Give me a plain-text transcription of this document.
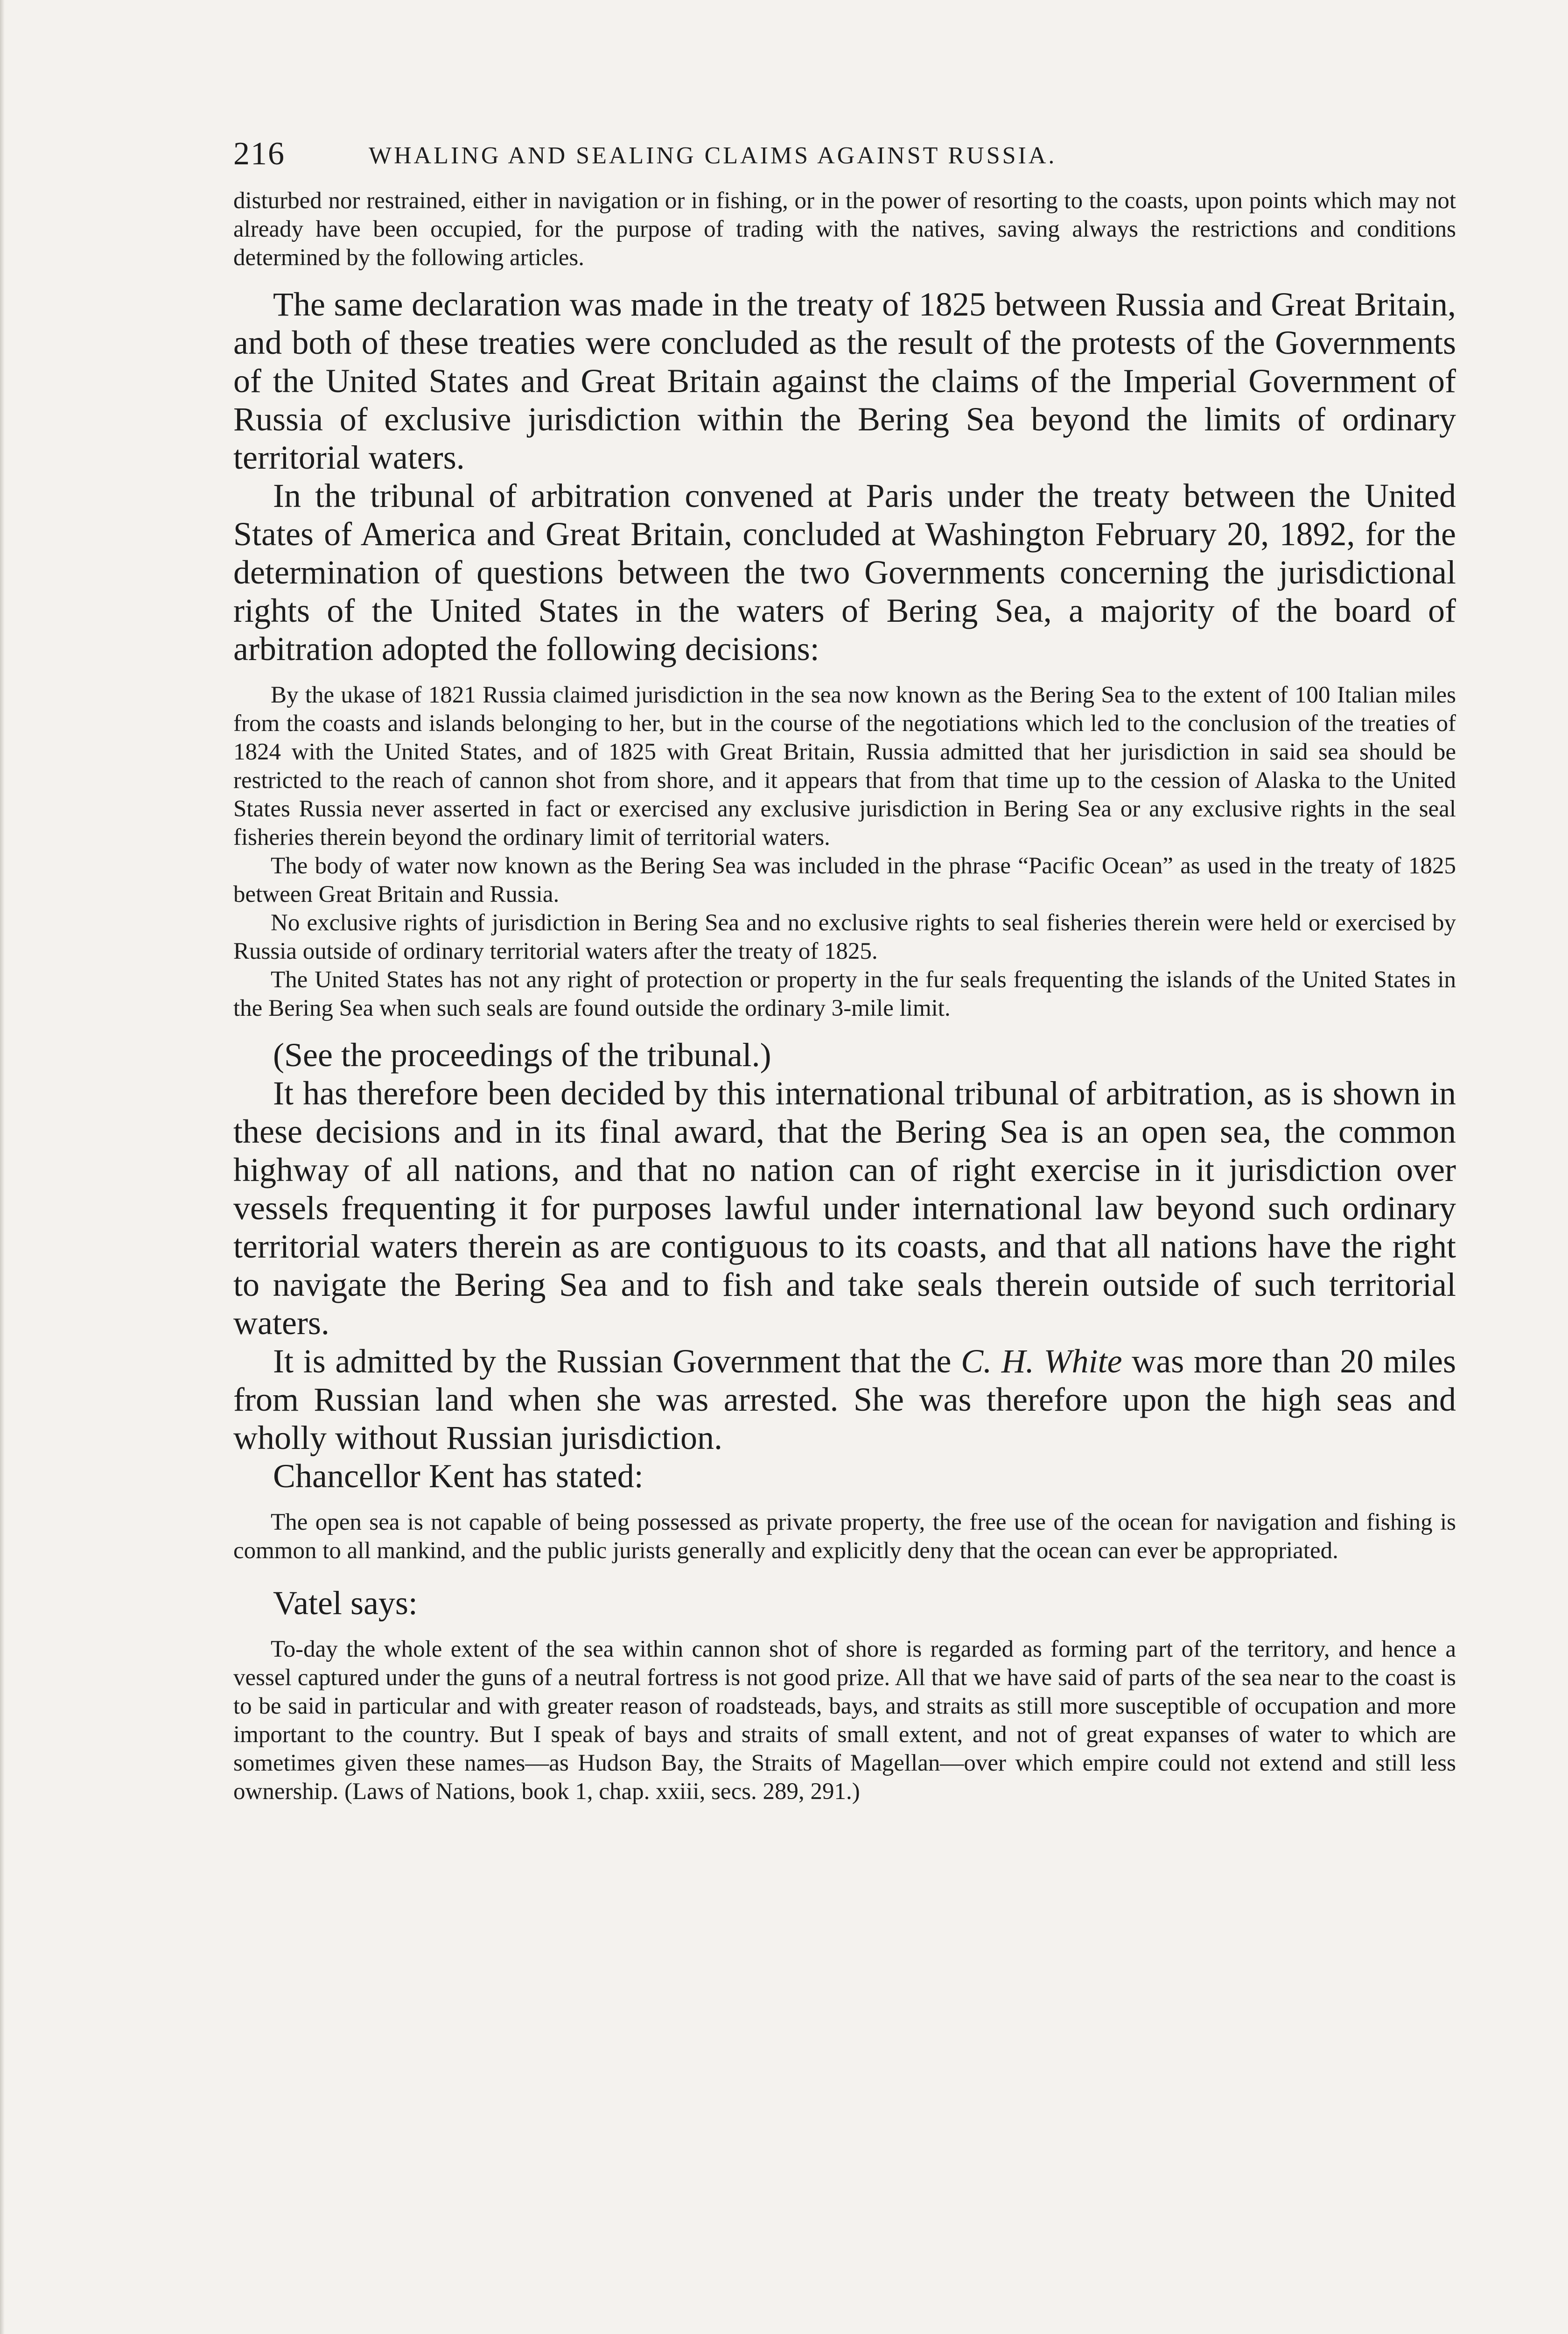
216	WHALING AND SEALING CLAIMS AGAINST RUSSIA.

disturbed nor restrained, either in navigation or in fishing, or in the power of resorting to the coasts, upon points which may not already have been occupied, for the purpose of trading with the natives, saving always the restrictions and conditions determined by the following articles.

The same declaration was made in the treaty of 1825 between Russia and Great Britain, and both of these treaties were concluded as the result of the protests of the Governments of the United States and Great Britain against the claims of the Imperial Government of Russia of exclusive jurisdiction within the Bering Sea beyond the limits of ordinary territorial waters.

In the tribunal of arbitration convened at Paris under the treaty between the United States of America and Great Britain, concluded at Washington February 20, 1892, for the determination of questions between the two Governments concerning the jurisdictional rights of the United States in the waters of Bering Sea, a majority of the board of arbitration adopted the following decisions:

By the ukase of 1821 Russia claimed jurisdiction in the sea now known as the Bering Sea to the extent of 100 Italian miles from the coasts and islands belonging to her, but in the course of the negotiations which led to the conclusion of the treaties of 1824 with the United States, and of 1825 with Great Britain, Russia admitted that her jurisdiction in said sea should be restricted to the reach of cannon shot from shore, and it appears that from that time up to the cession of Alaska to the United States Russia never asserted in fact or exercised any exclusive jurisdiction in Bering Sea or any exclusive rights in the seal fisheries therein beyond the ordinary limit of territorial waters.

The body of water now known as the Bering Sea was included in the phrase “Pacific Ocean” as used in the treaty of 1825 between Great Britain and Russia.

No exclusive rights of jurisdiction in Bering Sea and no exclusive rights to seal fisheries therein were held or exercised by Russia outside of ordinary territorial waters after the treaty of 1825.

The United States has not any right of protection or property in the fur seals frequenting the islands of the United States in the Bering Sea when such seals are found outside the ordinary 3-mile limit.

(See the proceedings of the tribunal.)

It has therefore been decided by this international tribunal of arbitration, as is shown in these decisions and in its final award, that the Bering Sea is an open sea, the common highway of all nations, and that no nation can of right exercise in it jurisdiction over vessels frequenting it for purposes lawful under international law beyond such ordinary territorial waters therein as are contiguous to its coasts, and that all nations have the right to navigate the Bering Sea and to fish and take seals therein outside of such territorial waters.

It is admitted by the Russian Government that the C. H. White was more than 20 miles from Russian land when she was arrested. She was therefore upon the high seas and wholly without Russian jurisdiction.

Chancellor Kent has stated:

The open sea is not capable of being possessed as private property, the free use of the ocean for navigation and fishing is common to all mankind, and the public jurists generally and explicitly deny that the ocean can ever be appropriated.

Vatel says:

To-day the whole extent of the sea within cannon shot of shore is regarded as forming part of the territory, and hence a vessel captured under the guns of a neutral fortress is not good prize. All that we have said of parts of the sea near to the coast is to be said in particular and with greater reason of roadsteads, bays, and straits as still more susceptible of occupation and more important to the country. But I speak of bays and straits of small extent, and not of great expanses of water to which are sometimes given these names—as Hudson Bay, the Straits of Magellan—over which empire could not extend and still less ownership. (Laws of Nations, book 1, chap. xxiii, secs. 289, 291.)
